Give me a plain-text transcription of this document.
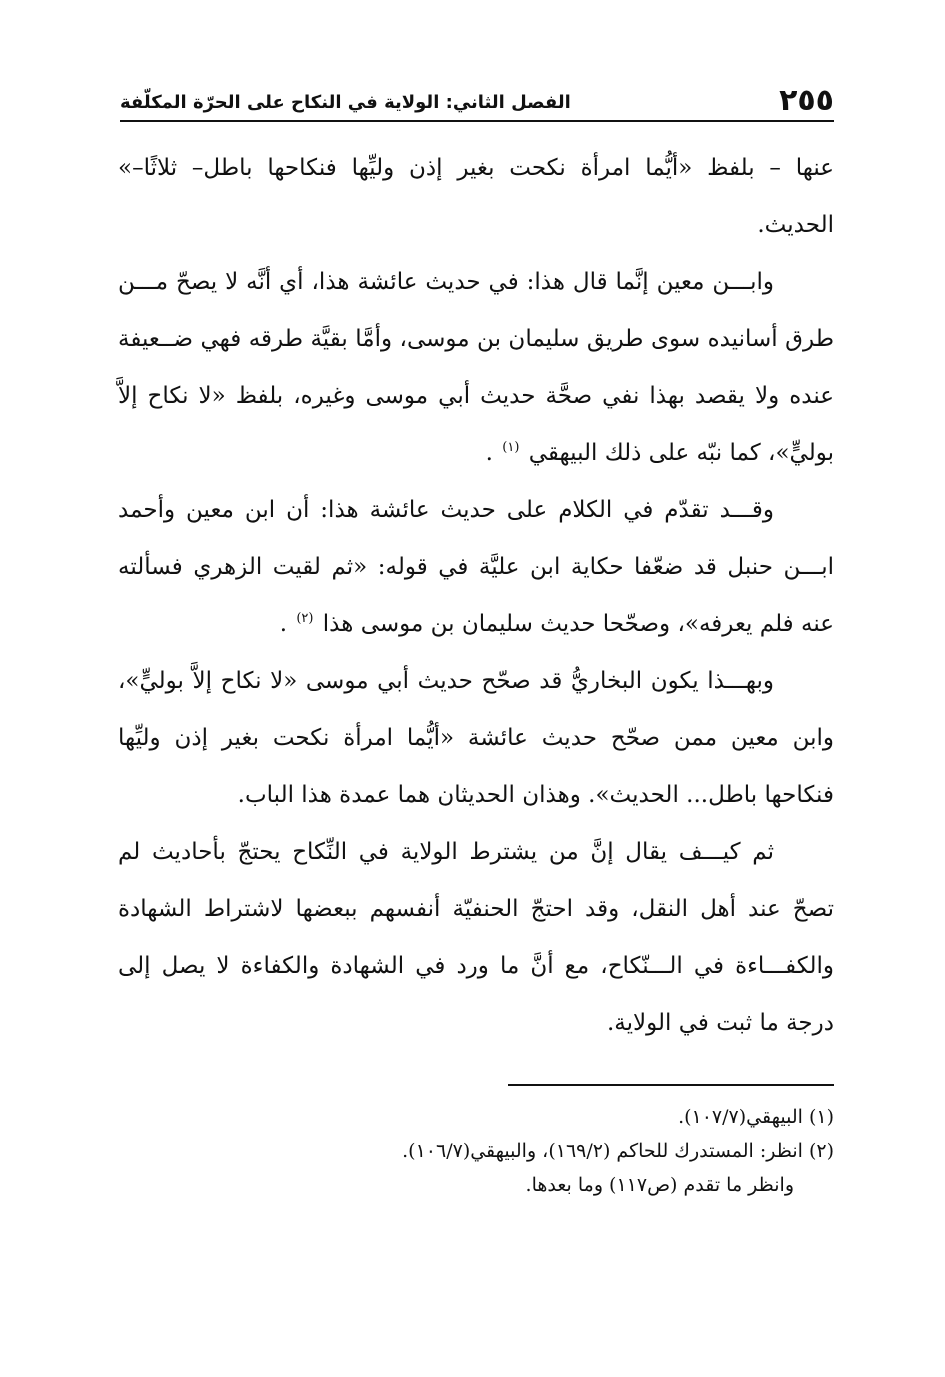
٢٥٥
الفصل الثاني: الولاية في النكاح على الحرّة المكلّفة

عنها – بلفظ «أيُّما امرأة نكحت بغير إذن وليِّها فنكاحها باطل– ثلاثًا–» الحديث.

وابـــن معين إنَّما قال هذا: في حديث عائشة هذا، أي أنَّه لا يصحّ مـــن طرق أسانيده سوى طريق سليمان بن موسى، وأمَّا بقيَّة طرقه فهي ضــعيفة عنده ولا يقصد بهذا نفي صحَّة حديث أبي موسى وغيره، بلفظ «لا نكاح إلاَّ بوليٍّ»، كما نبّه على ذلك البيهقي $^{(١)}$ .

وقـــد تقدّم في الكلام على حديث عائشة هذا: أن ابن معين وأحمد ابـــن حنبل قد ضعّفا حكاية ابن عليَّة في قوله: «ثم لقيت الزهري فسألته عنه فلم يعرفه»، وصحّحا حديث سليمان بن موسى هذا $^{(٢)}$ .

وبهـــذا يكون البخاريُّ قد صحّح حديث أبي موسى «لا نكاح إلاَّ بوليٍّ»، وابن معين ممن صحّح حديث عائشة «أيُّما امرأة نكحت بغير إذن وليِّها فنكاحها باطل... الحديث». وهذان الحديثان هما عمدة هذا الباب.

ثم كيـــف يقال إنَّ من يشترط الولاية في النِّكاح يحتجّ بأحاديث لم تصحّ عند أهل النقل، وقد احتجّ الحنفيّة أنفسهم ببعضها لاشتراط الشهادة والكفـــاءة في الـــنّكاح، مع أنَّ ما ورد في الشهادة والكفاءة لا يصل إلى درجة ما ثبت في الولاية.

(١) البيهقي(١٠٧/٧).

(٢) انظر: المستدرك للحاكم (١٦٩/٢)، والبيهقي(١٠٦/٧).

وانظر ما تقدم (ص١١٧) وما بعدها.
